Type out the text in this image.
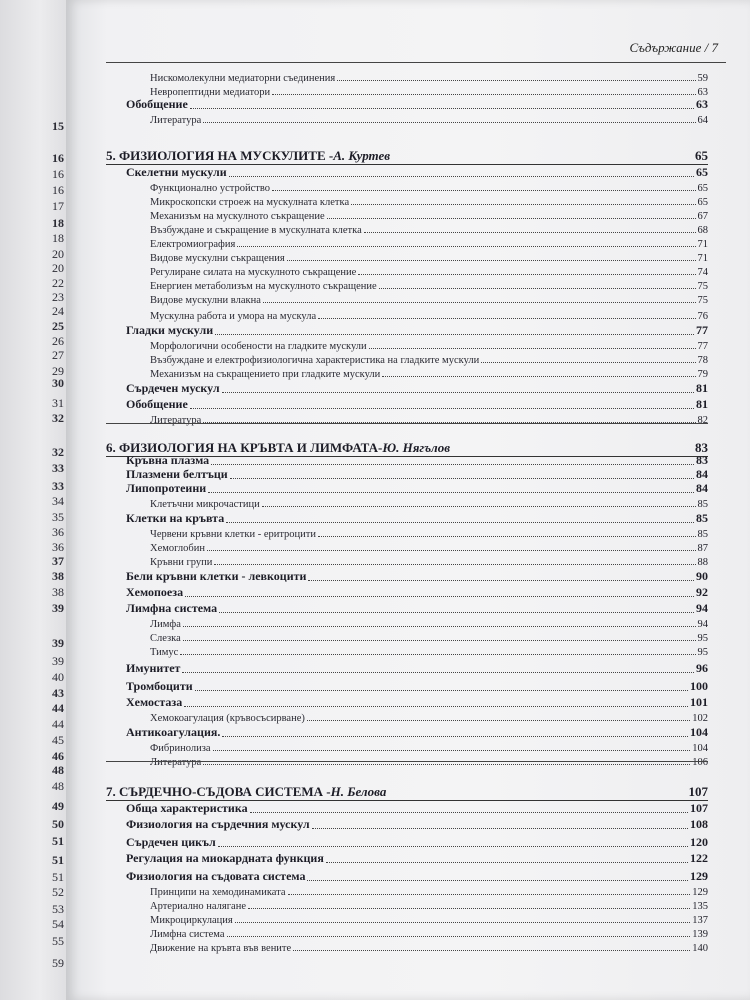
15
16
16
16
17
18
18
20
20
22
23
24
25
26
27
29
30
31
32
32
33
33
34
35
36
36
37
38
38
39
39
39
40
43
44
44
45
46
48
48
49
50
51
51
51
52
53
54
55
59
Съдържание / 7
Нискомолекулни медиаторни съединения	59
Невропептидни медиатори	63
Обобщение	63
Литература	64
5. ФИЗИОЛОГИЯ НА МУСКУЛИТЕ - А. Куртев	65
Скелетни мускули	65
Функционално устройство	65
Микроскопски строеж на мускулната клетка	65
Механизъм на мускулното съкращение	67
Възбуждане и съкращение в мускулната клетка	68
Електромиография	71
Видове мускулни съкращения	71
Регулиране силата на мускулното съкращение	74
Енергиен метаболизъм на мускулното съкращение	75
Видове мускулни влакна	75
Мускулна работа и умора на мускула	76
Гладки мускули	77
Морфологични особености на гладките мускули	77
Възбуждане и електрофизиологична характеристика на гладките мускули	78
Механизъм на съкращението при гладките мускули	79
Сърдечен мускул	81
Обобщение	81
Литература	82
6. ФИЗИОЛОГИЯ НА КРЪВТА И ЛИМФАТА- Ю. Нягълов	83
Кръвна плазма	83
Плазмени белтъци	84
Липопротеини	84
Клетъчни микрочастици	85
Клетки на кръвта	85
Червени кръвни клетки - еритроцити	85
Хемоглобин	87
Кръвни групи	88
Бели кръвни клетки - левкоцити	90
Хемопоеза	92
Лимфна система	94
Лимфа	94
Слезка	95
Тимус	95
Имунитет	96
Тромбоцити	100
Хемостаза	101
Хемокоагулация (кръвосъсирване)	102
Антикоагулация.	104
Фибринолиза	104
Литература	106
7. СЪРДЕЧНО-СЪДОВА СИСТЕМА - Н. Белова	107
Обща характеристика	107
Физиология на сърдечния мускул	108
Сърдечен цикъл	120
Регулация на миокардната функция	122
Физиология на съдовата система	129
Принципи на хемодинамиката	129
Артериално налягане	135
Микроциркулация	137
Лимфна система	139
Движение на кръвта във вените	140
